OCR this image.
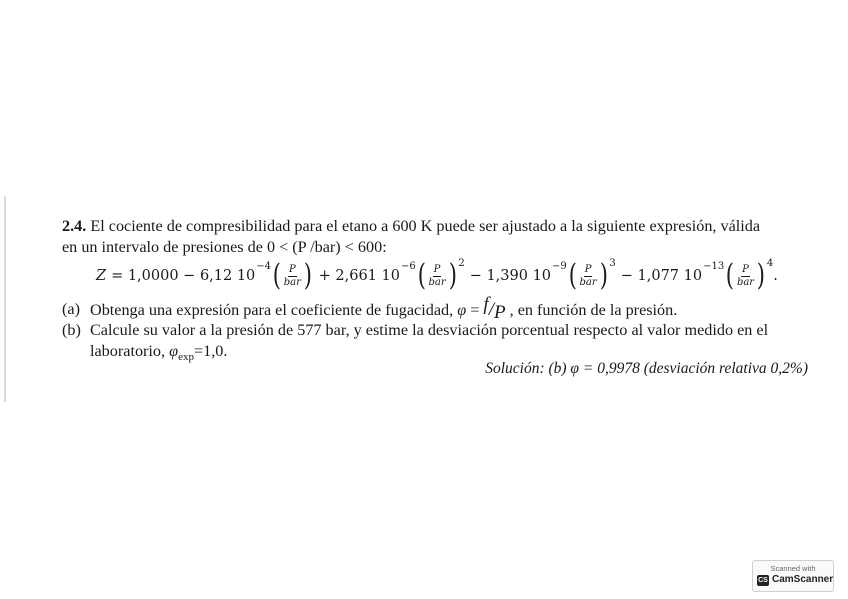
2.4. El cociente de compresibilidad para el etano a 600 K puede ser ajustado a la siguiente expresión, válida
en un intervalo de presiones de 0 < (P /bar) < 600:
Z = 1,0000 − 6,12 10
−4 ( $\frac{P}{\text{bar}}$ ) + 2,661 10
−6 ( $\frac{P}{\text{bar}}$ ) 2
− 1,390 10
−9 ( $\frac{P}{\text{bar}}$ ) 3
− 1,077 10
−13 ( $\frac{P}{\text{bar}}$ ) 4
.
(a) Obtenga una expresión para el coeficiente de fugacidad, φ = f/P , en función de la presión.
(b) Calcule su valor a la presión de 577 bar, y estime la desviación porcentual respecto al valor medido en el
laboratorio, $\varphi_{exp}=1,0$.
Solución: (b) φ = 0,9978 (desviación relativa 0,2%)
Scanned with
CS CamScanner
